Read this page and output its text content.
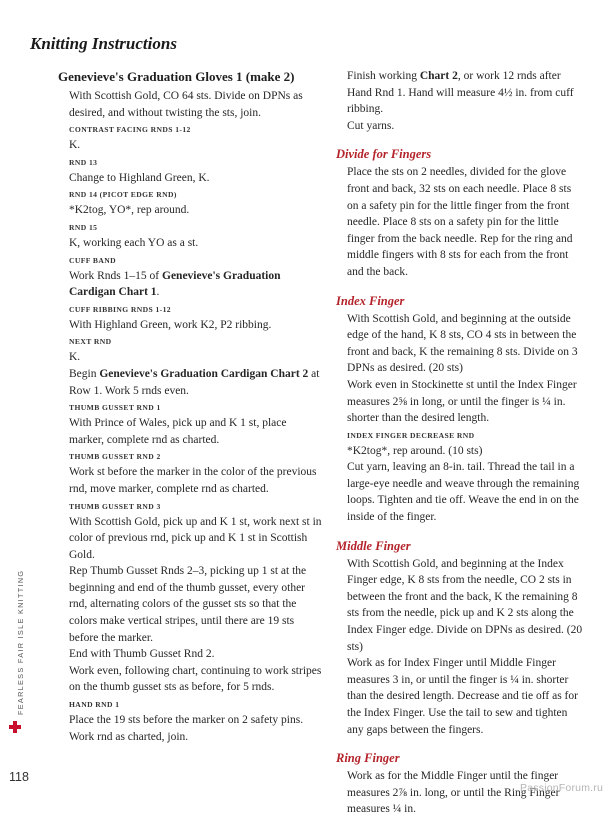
Knitting Instructions

Genevieve's Graduation Gloves 1 (make 2)

With Scottish Gold, CO 64 sts. Divide on DPNs as desired, and without twisting the sts, join.

CONTRAST FACING RNDS 1-12

K.

RND 13

Change to Highland Green, K.

RND 14 (PICOT EDGE RND)

*K2tog, YO*, rep around.

RND 15

K, working each YO as a st.

CUFF BAND

Work Rnds 1–15 of Genevieve's Graduation Cardigan Chart 1.

CUFF RIBBING RNDS 1-12

With Highland Green, work K2, P2 ribbing.

NEXT RND

K.

Begin Genevieve's Graduation Cardigan Chart 2 at Row 1. Work 5 rnds even.

THUMB GUSSET RND 1

With Prince of Wales, pick up and K 1 st, place marker, complete rnd as charted.

THUMB GUSSET RND 2

Work st before the marker in the color of the previous rnd, move marker, complete rnd as charted.

THUMB GUSSET RND 3

With Scottish Gold, pick up and K 1 st, work next st in color of previous rnd, pick up and K 1 st in Scottish Gold.

Rep Thumb Gusset Rnds 2–3, picking up 1 st at the beginning and end of the thumb gusset, every other rnd, alternating colors of the gusset sts so that the colors make vertical stripes, until there are 19 sts before the marker.

End with Thumb Gusset Rnd 2.

Work even, following chart, continuing to work stripes on the thumb gusset sts as before, for 5 rnds.

HAND RND 1

Place the 19 sts before the marker on 2 safety pins. Work rnd as charted, join.

Finish working Chart 2, or work 12 rnds after Hand Rnd 1. Hand will measure 4½ in. from cuff ribbing.

Cut yarns.

Divide for Fingers

Place the sts on 2 needles, divided for the glove front and back, 32 sts on each needle. Place 8 sts on a safety pin for the little finger from the front needle. Place 8 sts on a safety pin for the little finger from the back needle. Rep for the ring and middle fingers with 8 sts for each from the front and the back.

Index Finger

With Scottish Gold, and beginning at the outside edge of the hand, K 8 sts, CO 4 sts in between the front and back, K the remaining 8 sts. Divide on 3 DPNs as desired. (20 sts)

Work even in Stockinette st until the Index Finger measures 2⅝ in long, or until the finger is ¼ in. shorter than the desired length.

INDEX FINGER DECREASE RND

*K2tog*, rep around. (10 sts)

Cut yarn, leaving an 8-in. tail. Thread the tail in a large-eye needle and weave through the remaining loops. Tighten and tie off. Weave the end in on the inside of the finger.

Middle Finger

With Scottish Gold, and beginning at the Index Finger edge, K 8 sts from the needle, CO 2 sts in between the front and the back, K the remaining 8 sts from the needle, pick up and K 2 sts along the Index Finger edge. Divide on DPNs as desired. (20 sts)

Work as for Index Finger until Middle Finger measures 3 in, or until the finger is ¼ in. shorter than the desired length. Decrease and tie off as for the Index Finger. Use the tail to sew and tighten any gaps between the fingers.

Ring Finger

Work as for the Middle Finger until the finger measures 2⅞ in. long, or until the Ring Finger measures ¼ in.

FEARLESS FAIR ISLE KNITTING
118
PassionForum.ru
